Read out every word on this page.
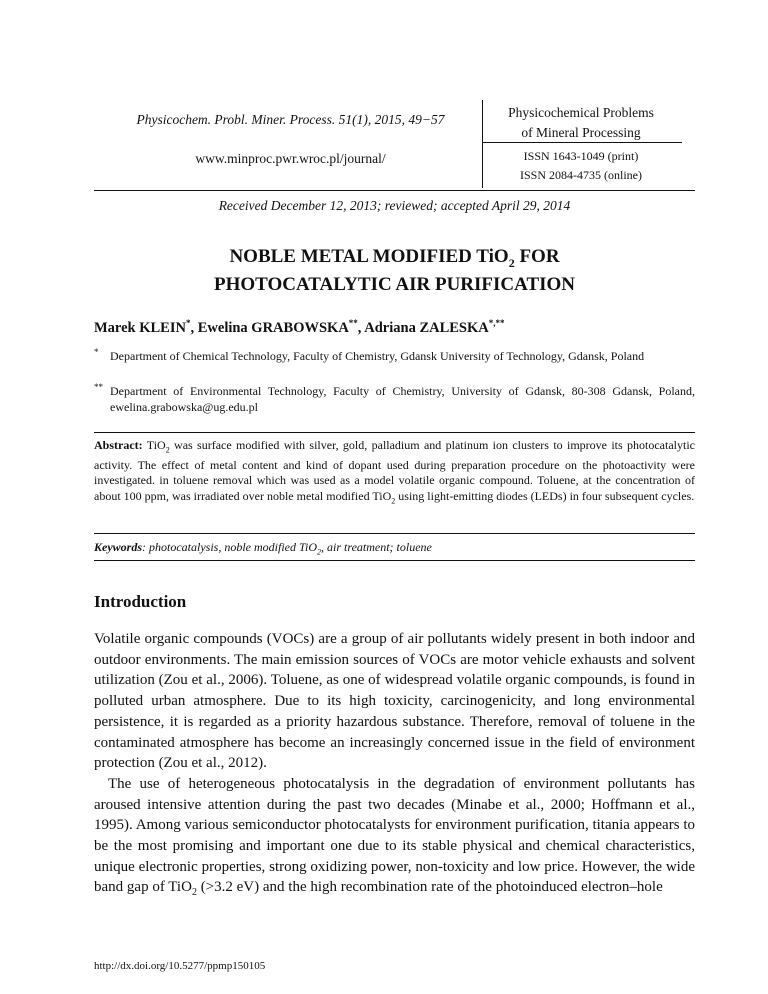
Physicochem. Probl. Miner. Process. 51(1), 2015, 49−57
www.minproc.pwr.wroc.pl/journal/
Physicochemical Problems
of Mineral Processing
ISSN 1643-1049 (print)
ISSN 2084-4735 (online)
Received December 12, 2013; reviewed; accepted April 29, 2014
NOBLE METAL MODIFIED TiO$_2$ FOR
PHOTOCATALYTIC AIR PURIFICATION
Marek KLEIN*, Ewelina GRABOWSKA**, Adriana ZALESKA*,**
* Department of Chemical Technology, Faculty of Chemistry, Gdansk University of Technology, Gdansk, Poland
** Department of Environmental Technology, Faculty of Chemistry, University of Gdansk, 80-308 Gdansk, Poland, ewelina.grabowska@ug.edu.pl
Abstract: TiO$_2$ was surface modified with silver, gold, palladium and platinum ion clusters to improve its photocatalytic activity. The effect of metal content and kind of dopant used during preparation procedure on the photoactivity were investigated. in toluene removal which was used as a model volatile organic compound. Toluene, at the concentration of about 100 ppm, was irradiated over noble metal modified TiO$_2$ using light-emitting diodes (LEDs) in four subsequent cycles.
Keywords: photocatalysis, noble modified TiO$_2$, air treatment; toluene
Introduction

Volatile organic compounds (VOCs) are a group of air pollutants widely present in both indoor and outdoor environments. The main emission sources of VOCs are motor vehicle exhausts and solvent utilization (Zou et al., 2006). Toluene, as one of widespread volatile organic compounds, is found in polluted urban atmosphere. Due to its high toxicity, carcinogenicity, and long environmental persistence, it is regarded as a priority hazardous substance. Therefore, removal of toluene in the contaminated atmosphere has become an increasingly concerned issue in the field of environment protection (Zou et al., 2012).

The use of heterogeneous photocatalysis in the degradation of environment pollutants has aroused intensive attention during the past two decades (Minabe et al., 2000; Hoffmann et al., 1995). Among various semiconductor photocatalysts for environment purification, titania appears to be the most promising and important one due to its stable physical and chemical characteristics, unique electronic properties, strong oxidizing power, non-toxicity and low price. However, the wide band gap of TiO$_2$ (>3.2 eV) and the high recombination rate of the photoinduced electron–hole

http://dx.doi.org/10.5277/ppmp150105
